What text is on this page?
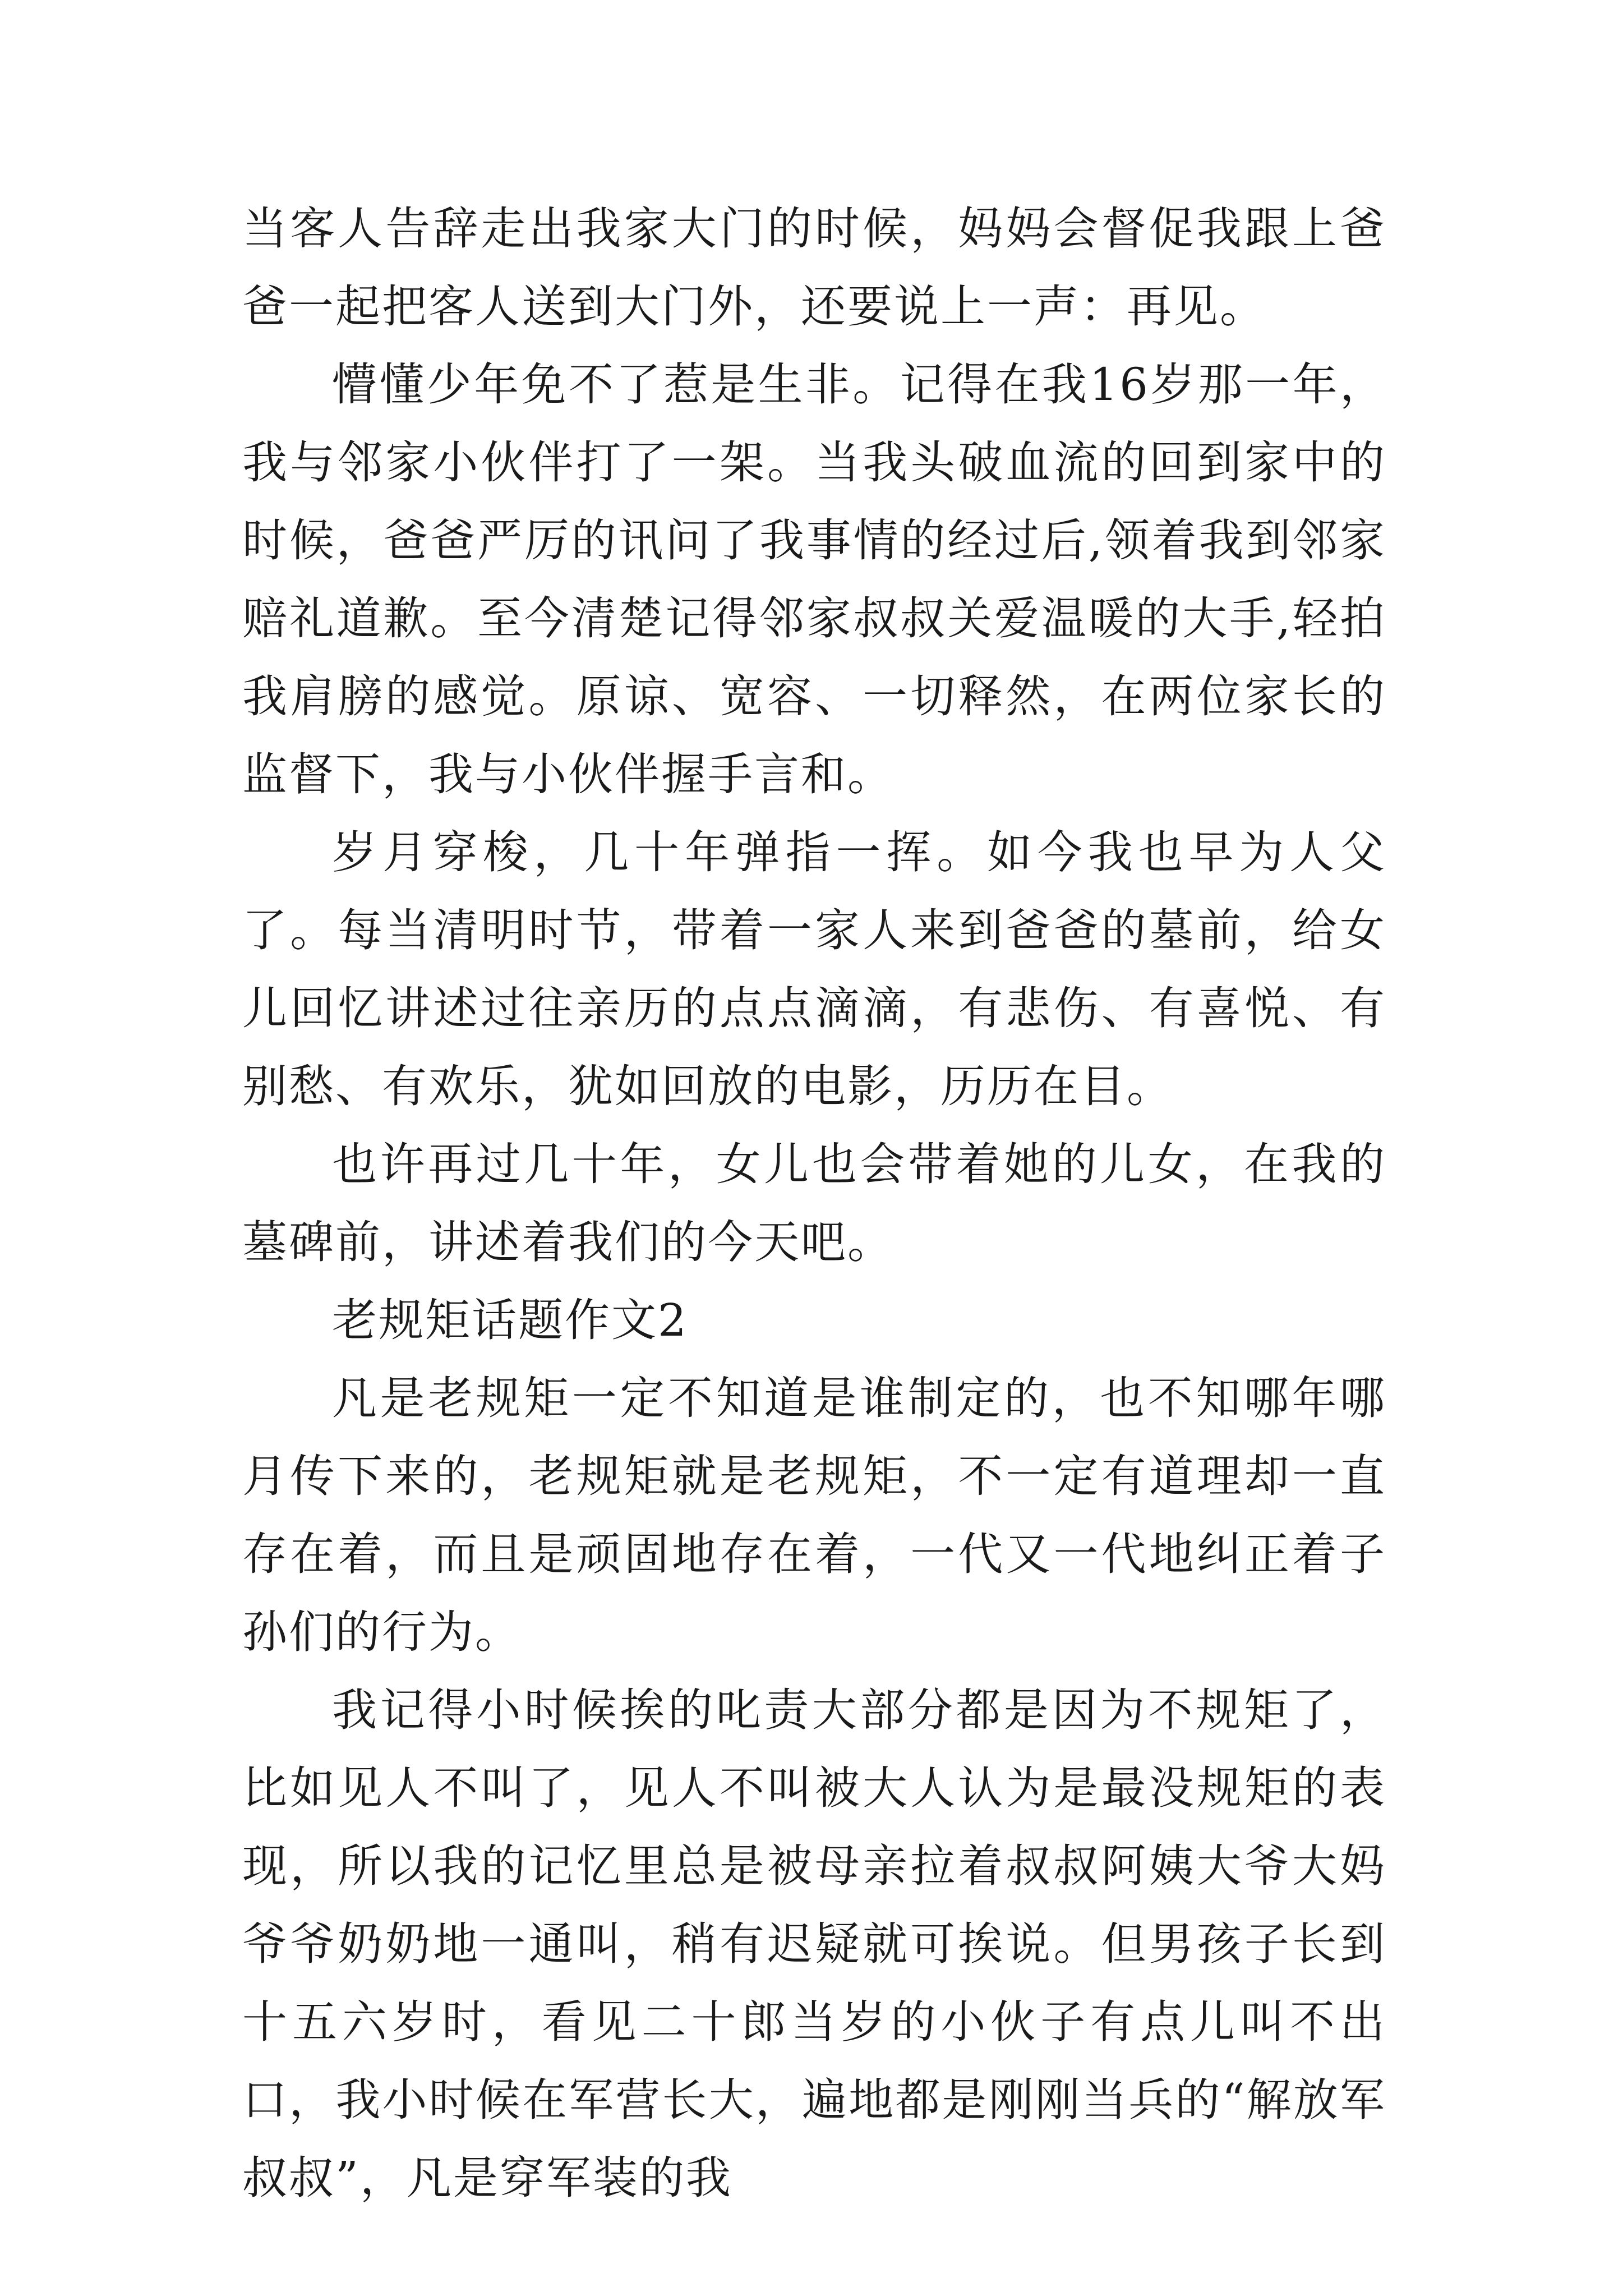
当客人告辞走出我家大门的时候，妈妈会督促我跟上爸爸一起把客人送到大门外，还要说上一声：再见。

懵懂少年免不了惹是生非。记得在我16岁那一年，我与邻家小伙伴打了一架。当我头破血流的回到家中的时候，爸爸严厉的讯问了我事情的经过后,领着我到邻家赔礼道歉。至今清楚记得邻家叔叔关爱温暖的大手,轻拍我肩膀的感觉。原谅、宽容、一切释然，在两位家长的监督下，我与小伙伴握手言和。

岁月穿梭，几十年弹指一挥。如今我也早为人父了。每当清明时节，带着一家人来到爸爸的墓前，给女儿回忆讲述过往亲历的点点滴滴，有悲伤、有喜悦、有别愁、有欢乐，犹如回放的电影，历历在目。

也许再过几十年，女儿也会带着她的儿女，在我的墓碑前，讲述着我们的今天吧。

老规矩话题作文2

凡是老规矩一定不知道是谁制定的，也不知哪年哪月传下来的，老规矩就是老规矩，不一定有道理却一直存在着，而且是顽固地存在着，一代又一代地纠正着子孙们的行为。

我记得小时候挨的叱责大部分都是因为不规矩了，比如见人不叫了，见人不叫被大人认为是最没规矩的表现，所以我的记忆里总是被母亲拉着叔叔阿姨大爷大妈爷爷奶奶地一通叫，稍有迟疑就可挨说。但男孩子长到十五六岁时，看见二十郎当岁的小伙子有点儿叫不出口，我小时候在军营长大，遍地都是刚刚当兵的“解放军叔叔”，凡是穿军装的我
